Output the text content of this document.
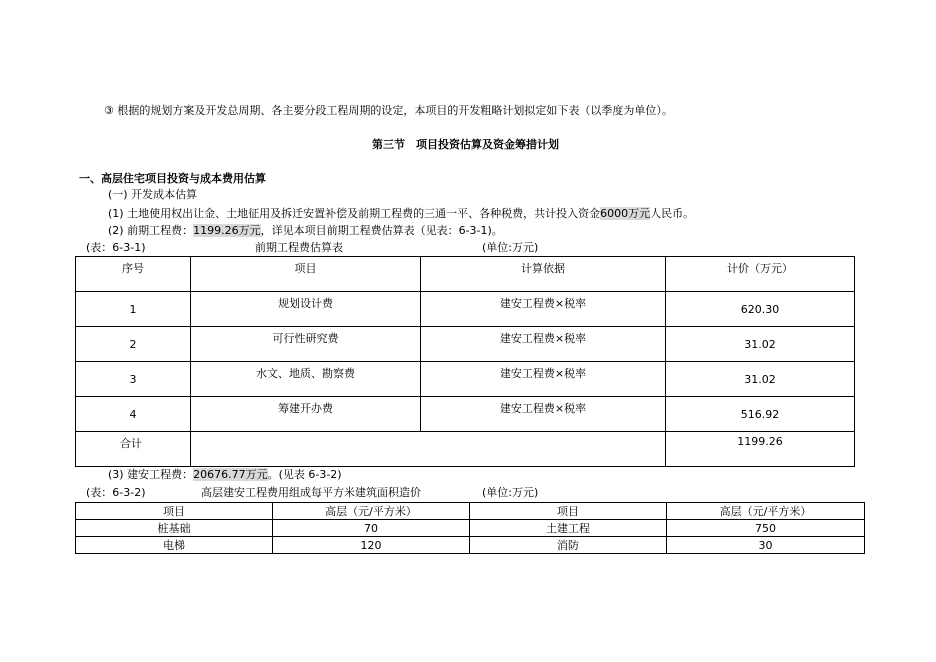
③ 根据的规划方案及开发总周期、各主要分段工程周期的设定，本项目的开发粗略计划拟定如下表（以季度为单位）。
第三节　项目投资估算及资金筹措计划
一、高层住宅项目投资与成本费用估算
(一) 开发成本估算
(1) 土地使用权出让金、土地征用及拆迁安置补偿及前期工程费的三通一平、各种税费，共计投入资金6000万元人民币。
(2) 前期工程费：1199.26万元，详见本项目前期工程费估算表（见表：6-3-1)。
(表：6-3-1)	前期工程费估算表	(单位:万元)
序号	项目	计算依据	计价（万元）
1	规划设计费	建安工程费×税率	620.30
2	可行性研究费	建安工程费×税率	31.02
3	水文、地质、勘察费	建安工程费×税率	31.02
4	筹建开办费	建安工程费×税率	516.92
合计			1199.26
(3) 建安工程费：20676.77万元。(见表 6-3-2)
(表：6-3-2)	高层建安工程费用组成每平方米建筑面积造价	(单位:万元)
项目	高层（元/平方米）	项目	高层（元/平方米）
桩基础	70	土建工程	750
电梯	120	消防	30
